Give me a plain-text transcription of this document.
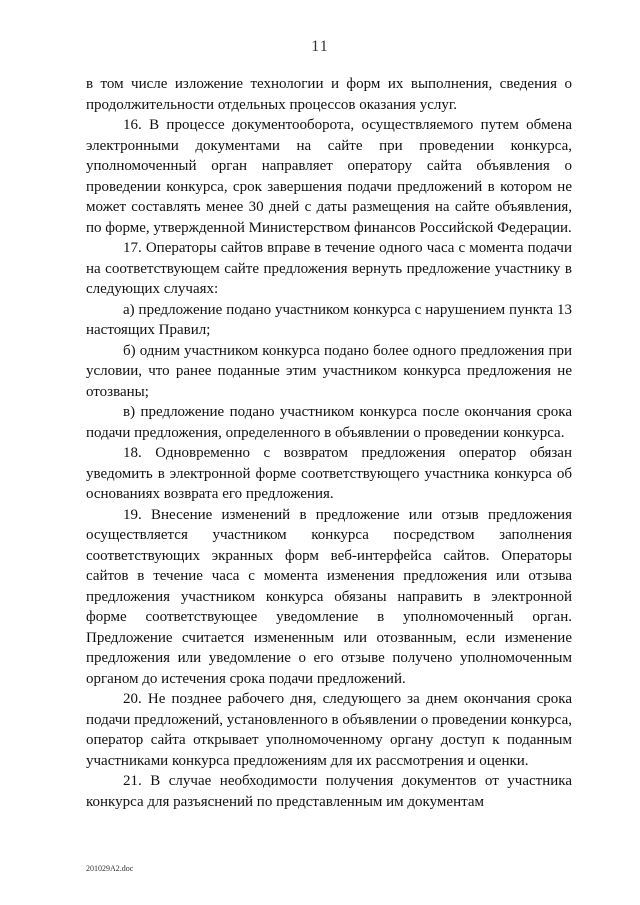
11

в том числе изложение технологии и форм их выполнения, сведения о продолжительности отдельных процессов оказания услуг.

16. В процессе документооборота, осуществляемого путем обмена электронными документами на сайте при проведении конкурса, уполномоченный орган направляет оператору сайта объявления о проведении конкурса, срок завершения подачи предложений в котором не может составлять менее 30 дней с даты размещения на сайте объявления, по форме, утвержденной Министерством финансов Российской Федерации.

17. Операторы сайтов вправе в течение одного часа с момента подачи на соответствующем сайте предложения вернуть предложение участнику в следующих случаях:

а) предложение подано участником конкурса с нарушением пункта 13 настоящих Правил;

б) одним участником конкурса подано более одного предложения при условии, что ранее поданные этим участником конкурса предложения не отозваны;

в) предложение подано участником конкурса после окончания срока подачи предложения, определенного в объявлении о проведении конкурса.

18. Одновременно с возвратом предложения оператор обязан уведомить в электронной форме соответствующего участника конкурса об основаниях возврата его предложения.

19. Внесение изменений в предложение или отзыв предложения осуществляется участником конкурса посредством заполнения соответствующих экранных форм веб-интерфейса сайтов. Операторы сайтов в течение часа с момента изменения предложения или отзыва предложения участником конкурса обязаны направить в электронной форме соответствующее уведомление в уполномоченный орган. Предложение считается измененным или отозванным, если изменение предложения или уведомление о его отзыве получено уполномоченным органом до истечения срока подачи предложений.

20. Не позднее рабочего дня, следующего за днем окончания срока подачи предложений, установленного в объявлении о проведении конкурса, оператор сайта открывает уполномоченному органу доступ к поданным участниками конкурса предложениям для их рассмотрения и оценки.

21. В случае необходимости получения документов от участника конкурса для разъяснений по представленным им документам

201029A2.doc
